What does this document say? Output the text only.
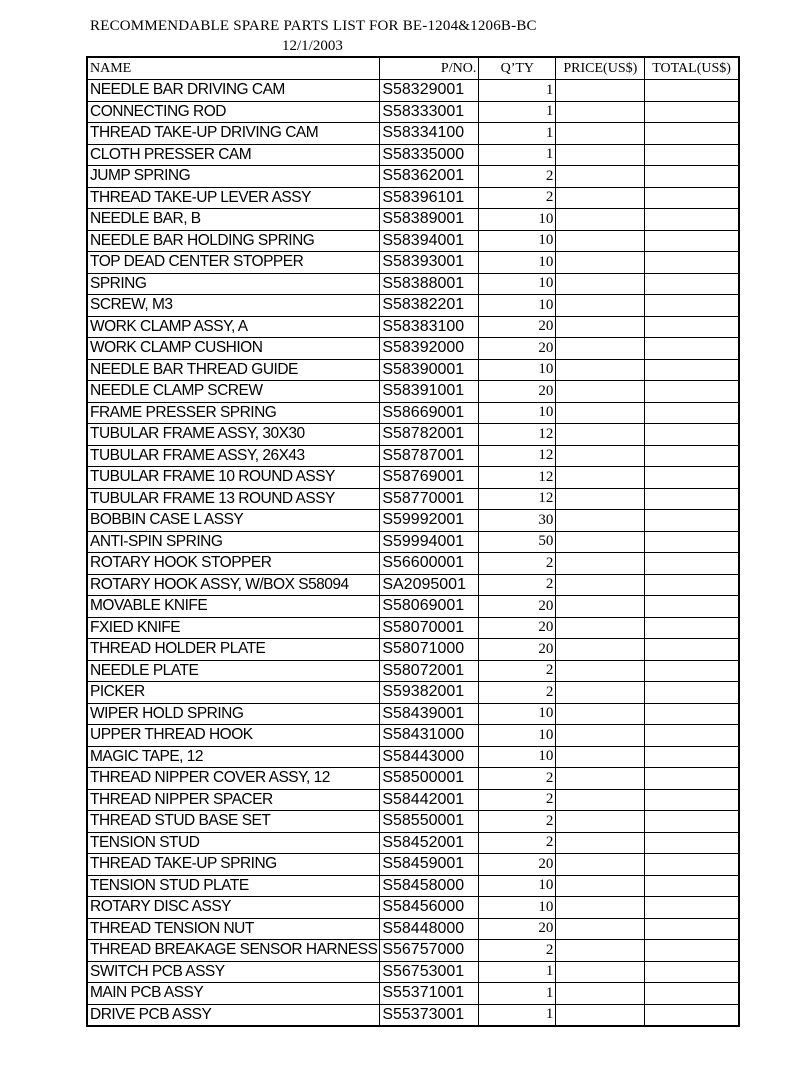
RECOMMENDABLE SPARE PARTS LIST FOR BE-1204&1206B-BC
12/1/2003
NAME	P/NO.	Q’TY	PRICE(US$)	TOTAL(US$)
NEEDLE BAR DRIVING CAM	S58329001	1		
CONNECTING ROD	S58333001	1		
THREAD TAKE-UP DRIVING CAM	S58334100	1		
CLOTH PRESSER CAM	S58335000	1		
JUMP SPRING	S58362001	2		
THREAD TAKE-UP LEVER ASSY	S58396101	2		
NEEDLE BAR, B	S58389001	10		
NEEDLE BAR HOLDING SPRING	S58394001	10		
TOP DEAD CENTER STOPPER	S58393001	10		
SPRING	S58388001	10		
SCREW, M3	S58382201	10		
WORK CLAMP ASSY, A	S58383100	20		
WORK CLAMP CUSHION	S58392000	20		
NEEDLE BAR THREAD GUIDE	S58390001	10		
NEEDLE CLAMP SCREW	S58391001	20		
FRAME PRESSER SPRING	S58669001	10		
TUBULAR FRAME ASSY, 30X30	S58782001	12		
TUBULAR FRAME ASSY, 26X43	S58787001	12		
TUBULAR FRAME 10 ROUND ASSY	S58769001	12		
TUBULAR FRAME 13 ROUND ASSY	S58770001	12		
BOBBIN CASE L ASSY	S59992001	30		
ANTI-SPIN SPRING	S59994001	50		
ROTARY HOOK STOPPER	S56600001	2		
ROTARY HOOK ASSY, W/BOX S58094	SA2095001	2		
MOVABLE KNIFE	S58069001	20		
FXIED KNIFE	S58070001	20		
THREAD HOLDER PLATE	S58071000	20		
NEEDLE PLATE	S58072001	2		
PICKER	S59382001	2		
WIPER HOLD SPRING	S58439001	10		
UPPER THREAD HOOK	S58431000	10		
MAGIC TAPE, 12	S58443000	10		
THREAD NIPPER COVER ASSY, 12	S58500001	2		
THREAD NIPPER SPACER	S58442001	2		
THREAD STUD BASE SET	S58550001	2		
TENSION STUD	S58452001	2		
THREAD TAKE-UP SPRING	S58459001	20		
TENSION STUD PLATE	S58458000	10		
ROTARY DISC ASSY	S58456000	10		
THREAD TENSION NUT	S58448000	20		
THREAD BREAKAGE SENSOR HARNESS	S56757000	2		
SWITCH PCB ASSY	S56753001	1		
MAIN PCB ASSY	S55371001	1		
DRIVE PCB ASSY	S55373001	1		
